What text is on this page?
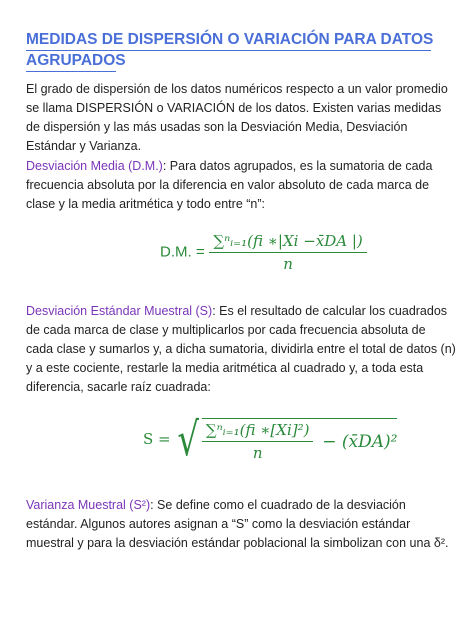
MEDIDAS DE DISPERSIÓN O VARIACIÓN PARA DATOS
AGRUPADOS
El grado de dispersión de los datos numéricos respecto a un valor promedio se llama DISPERSIÓN o VARIACIÓN de los datos. Existen varias medidas de dispersión y las más usadas son la Desviación Media, Desviación Estándar y Varianza.
Desviación Media (D.M.): Para datos agrupados, es la sumatoria de cada frecuencia absoluta por la diferencia en valor absoluto de cada marca de clase y la media aritmética y todo entre “n”:
D.M. = $\frac{\text{∑ⁿᵢ₌₁(fi ∗|Xi −x̄DA |)}}{n}$
Desviación Estándar Muestral (S): Es el resultado de calcular los cuadrados de cada marca de clase y multiplicarlos por cada frecuencia absoluta de cada clase y sumarlos y, a dicha sumatoria, dividirla entre el total de datos (n) y a este cociente, restarle la media aritmética al cuadrado y, a toda esta diferencia, sacarle raíz cuadrada:
S = √ $\frac{\text{∑ⁿᵢ₌₁(fi ∗[Xi]²)}}{n}$ − (x̄DA)²
Varianza Muestral (S²): Se define como el cuadrado de la desviación estándar. Algunos autores asignan a “S” como la desviación estándar muestral y para la desviación estándar poblacional la simbolizan con una δ².
